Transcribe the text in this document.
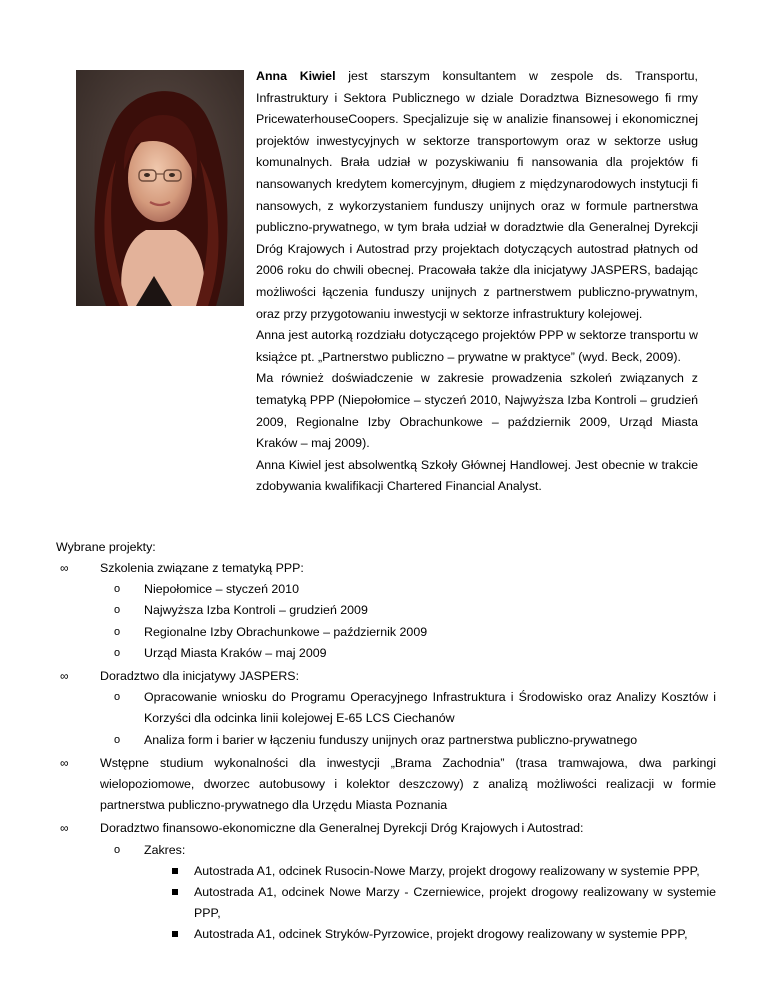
Anna Kiwiel jest starszym konsultantem w zespole ds. Transportu, Infrastruktury i Sektora Publicznego w dziale Doradztwa Biznesowego fi rmy PricewaterhouseCoopers. Specjalizuje się w analizie finansowej i ekonomicznej projektów inwestycyjnych w sektorze transportowym oraz w sektorze usług komunalnych. Brała udział w pozyskiwaniu fi nansowania dla projektów fi nansowanych kredytem komercyjnym, długiem z międzynarodowych instytucji fi nansowych, z wykorzystaniem funduszy unijnych oraz w formule partnerstwa publiczno-prywatnego, w tym brała udział w doradztwie dla Generalnej Dyrekcji Dróg Krajowych i Autostrad przy projektach dotyczących autostrad płatnych od 2006 roku do chwili obecnej. Pracowała także dla inicjatywy JASPERS, badając możliwości łączenia funduszy unijnych z partnerstwem publiczno-prywatnym, oraz przy przygotowaniu inwestycji w sektorze infrastruktury kolejowej.

Anna jest autorką rozdziału dotyczącego projektów PPP w sektorze transportu w książce pt. „Partnerstwo publiczno – prywatne w praktyce” (wyd. Beck, 2009).

Ma również doświadczenie w zakresie prowadzenia szkoleń związanych z tematyką PPP (Niepołomice – styczeń 2010, Najwyższa Izba Kontroli – grudzień 2009, Regionalne Izby Obrachunkowe – październik 2009, Urząd Miasta Kraków – maj 2009).

Anna Kiwiel jest absolwentką Szkoły Głównej Handlowej. Jest obecnie w trakcie zdobywania kwalifikacji Chartered Financial Analyst.

Wybrane projekty:
∞	Szkolenia związane z tematyką PPP:
o Niepołomice – styczeń 2010
o Najwyższa Izba Kontroli – grudzień 2009
o Regionalne Izby Obrachunkowe – październik 2009
o Urząd Miasta Kraków – maj 2009
∞	Doradztwo dla inicjatywy JASPERS:
o Opracowanie wniosku do Programu Operacyjnego Infrastruktura i Środowisko oraz Analizy Kosztów i Korzyści dla odcinka linii kolejowej E-65 LCS Ciechanów
o Analiza form i barier w łączeniu funduszy unijnych oraz partnerstwa publiczno-prywatnego
∞	Wstępne studium wykonalności dla inwestycji „Brama Zachodnia” (trasa tramwajowa, dwa parkingi wielopoziomowe, dworzec autobusowy i kolektor deszczowy) z analizą możliwości realizacji w formie partnerstwa publiczno-prywatnego dla Urzędu Miasta Poznania
∞	Doradztwo finansowo-ekonomiczne dla Generalnej Dyrekcji Dróg Krajowych i Autostrad:
o Zakres:
Autostrada A1, odcinek Rusocin-Nowe Marzy, projekt drogowy realizowany w systemie PPP,
Autostrada A1, odcinek Nowe Marzy - Czerniewice, projekt drogowy realizowany w systemie PPP,
Autostrada A1, odcinek Stryków-Pyrzowice, projekt drogowy realizowany w systemie PPP,
